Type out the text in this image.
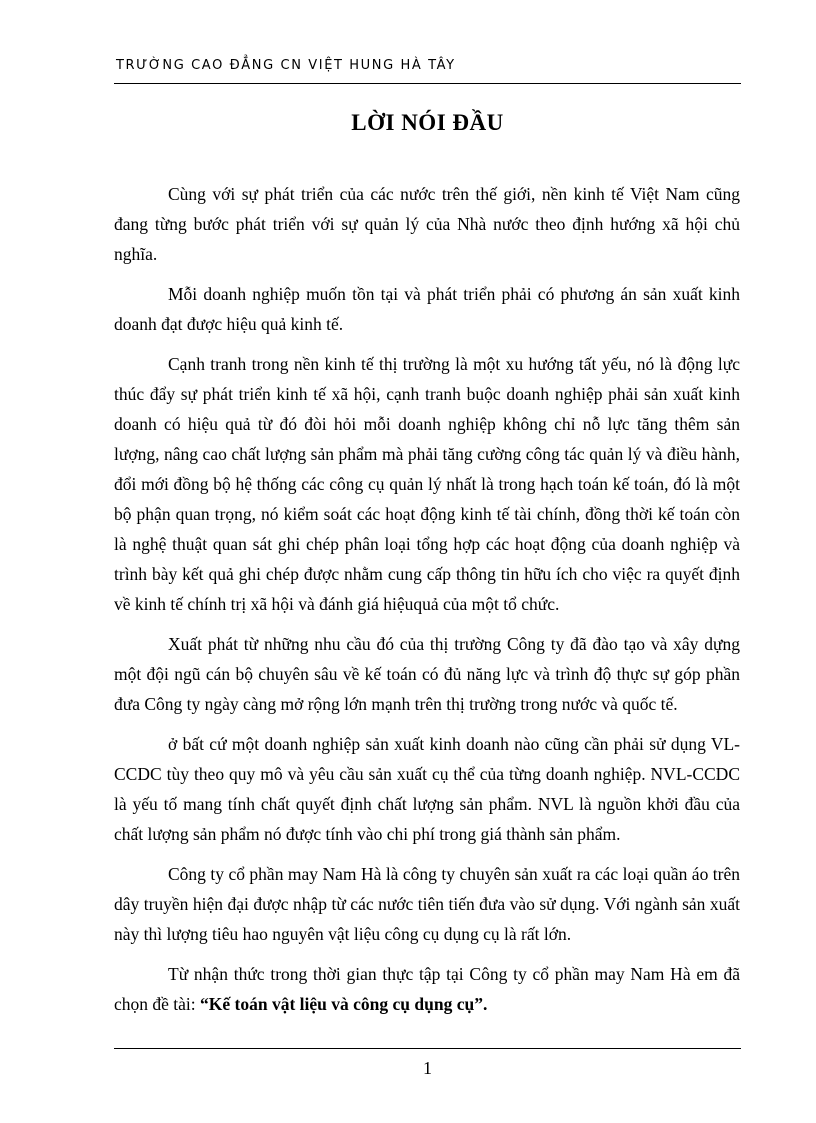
TRƯỜNG CAO ĐẲNG CN VIỆT HUNG HÀ TÂY
LỜI NÓI ĐẦU

Cùng với sự phát triển của các nước trên thế giới, nền kinh tế Việt Nam cũng đang từng bước phát triển với sự quản lý của Nhà nước theo định hướng xã hội chủ nghĩa.

Mỗi doanh nghiệp muốn tồn tại và phát triển phải có phương án sản xuất kinh doanh đạt được hiệu quả kinh tế.

Cạnh tranh trong nền kinh tế thị trường là một xu hướng tất yếu, nó là động lực thúc đẩy sự phát triển kinh tế xã hội, cạnh tranh buộc doanh nghiệp phải sản xuất kinh doanh có hiệu quả từ đó đòi hỏi mỗi doanh nghiệp không chỉ nỗ lực tăng thêm sản lượng, nâng cao chất lượng sản phẩm mà phải tăng cường công tác quản lý và điều hành, đổi mới đồng bộ hệ thống các công cụ quản lý nhất là trong hạch toán kế toán, đó là một bộ phận quan trọng, nó kiểm soát các hoạt động kinh tế tài chính, đồng thời kế toán còn là nghệ thuật quan sát ghi chép phân loại tổng hợp các hoạt động của doanh nghiệp và trình bày kết quả ghi chép được nhằm cung cấp thông tin hữu ích cho việc ra quyết định về kinh tế chính trị xã hội và đánh giá hiệuquả của một tổ chức.

Xuất phát từ những nhu cầu đó của thị trường Công ty đã đào tạo và xây dựng một đội ngũ cán bộ chuyên sâu về kế toán có đủ năng lực và trình độ thực sự góp phần đưa Công ty ngày càng mở rộng lớn mạnh trên thị trường trong nước và quốc tế.

ở bất cứ một doanh nghiệp sản xuất kinh doanh nào cũng cần phải sử dụng VL-CCDC tùy theo quy mô và yêu cầu sản xuất cụ thể của từng doanh nghiệp. NVL-CCDC là yếu tố mang tính chất quyết định chất lượng sản phẩm. NVL là nguồn khởi đầu của chất lượng sản phẩm nó được tính vào chi phí trong giá thành sản phẩm.

Công ty cổ phần may Nam Hà là công ty chuyên sản xuất ra các loại quần áo trên dây truyền hiện đại được nhập từ các nước tiên tiến đưa vào sử dụng. Với ngành sản xuất này thì lượng tiêu hao nguyên vật liệu công cụ dụng cụ là rất lớn.

Từ nhận thức trong thời gian thực tập tại Công ty cổ phần may Nam Hà em đã chọn đề tài: “Kế toán vật liệu và công cụ dụng cụ”.

1
